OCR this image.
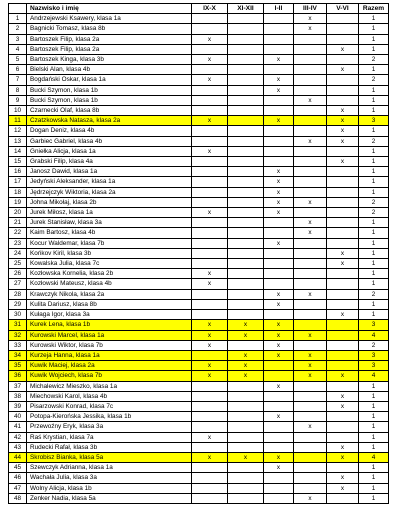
	Nazwisko i imię	IX-X	XI-XII	I-II	III-IV	V-VI	Razem
1	Andrzejewski Ksawery, klasa 1a				x		1
2	Bagnicki Tomasz, klasa 8b				x		1
3	Bartoszek Filip, klasa 2a	x					1
4	Bartoszek Filip, klasa 2a					x	1
5	Bartoszek Kinga, klasa 3b	x		x			2
6	Bielski Alan, klasa 4b					x	1
7	Bogdański Oskar, klasa 1a	x		x			2
8	Bucki Szymon, klasa 1b			x			1
9	Bucki Szymon, klasa 1b				x		1
10	Czarnecki Olaf, klasa 8b					x	1
11	Czatzkowska Natasza, klasa 2a	x		x		x	3
12	Dogan Deniz, klasa 4b					x	1
13	Garbiec Gabriel, klasa 4b				x	x	2
14	Gniełka Alicja, klasa 1a	x					1
15	Grabski Filip, klasa 4a					x	1
16	Janosz Dawid, klasa 1a			x			1
17	Jedyński Aleksander, klasa 1a			x			1
18	Jędrzejczyk Wiktoria, klasa 2a			x			1
19	Johna Mikołaj, klasa 2b			x	x		2
20	Jurek Miłosz, klasa 1a	x		x			2
21	Jurek Stanisław, klasa 3a				x		1
22	Kaim Bartosz, klasa 4b				x		1
23	Kocur Waldemar, klasa 7b			x			1
24	Końkov Kiril, klasa 3b					x	1
25	Kowalska Julia, klasa 7c					x	1
26	Kozłowska Kornelia, klasa 2b	x					1
27	Kozłowski Mateusz, klasa 4b	x					1
28	Krawczyk Nikola, klasa 2a			x	x		2
29	Kulita Dariusz, klasa 8b			x			1
30	Kułaga Igor, klasa 3a					x	1
31	Kurek Lena, klasa 1b	x	x	x			3
32	Kurowski Marcel, klasa 1a	x	x	x	x		4
33	Kurowski Wiktor, klasa 7b	x		x			2
34	Kurzeja Hanna, klasa 1a		x	x	x		3
35	Kuwik Maciej, klasa 2a	x	x		x		3
36	Kuwik Wojciech, klasa 7b	x	x		x	x	4
37	Michalewicz Mieszko, klasa 1a			x			1
38	Miechowski Karol, klasa 4b					x	1
39	Pisarzowski Konrad, klasa 7c					x	1
40	Potopa-Kierońska Jessika, klasa 1b			x			1
41	Przewoźny Eryk, klasa 3a				x		1
42	Raś Krystian, klasa 7a	x					1
43	Rudecki Rafał, klasa 3b					x	1
44	Skrobisz Bianka, klasa 5a	x	x	x		x	4
45	Szewczyk Adrianna, klasa 1a			x			1
46	Wachała Julia, klasa 3a					x	1
47	Wolny Alicja, klasa 1b					x	1
48	Zenker Nadia, klasa 5a				x		1
